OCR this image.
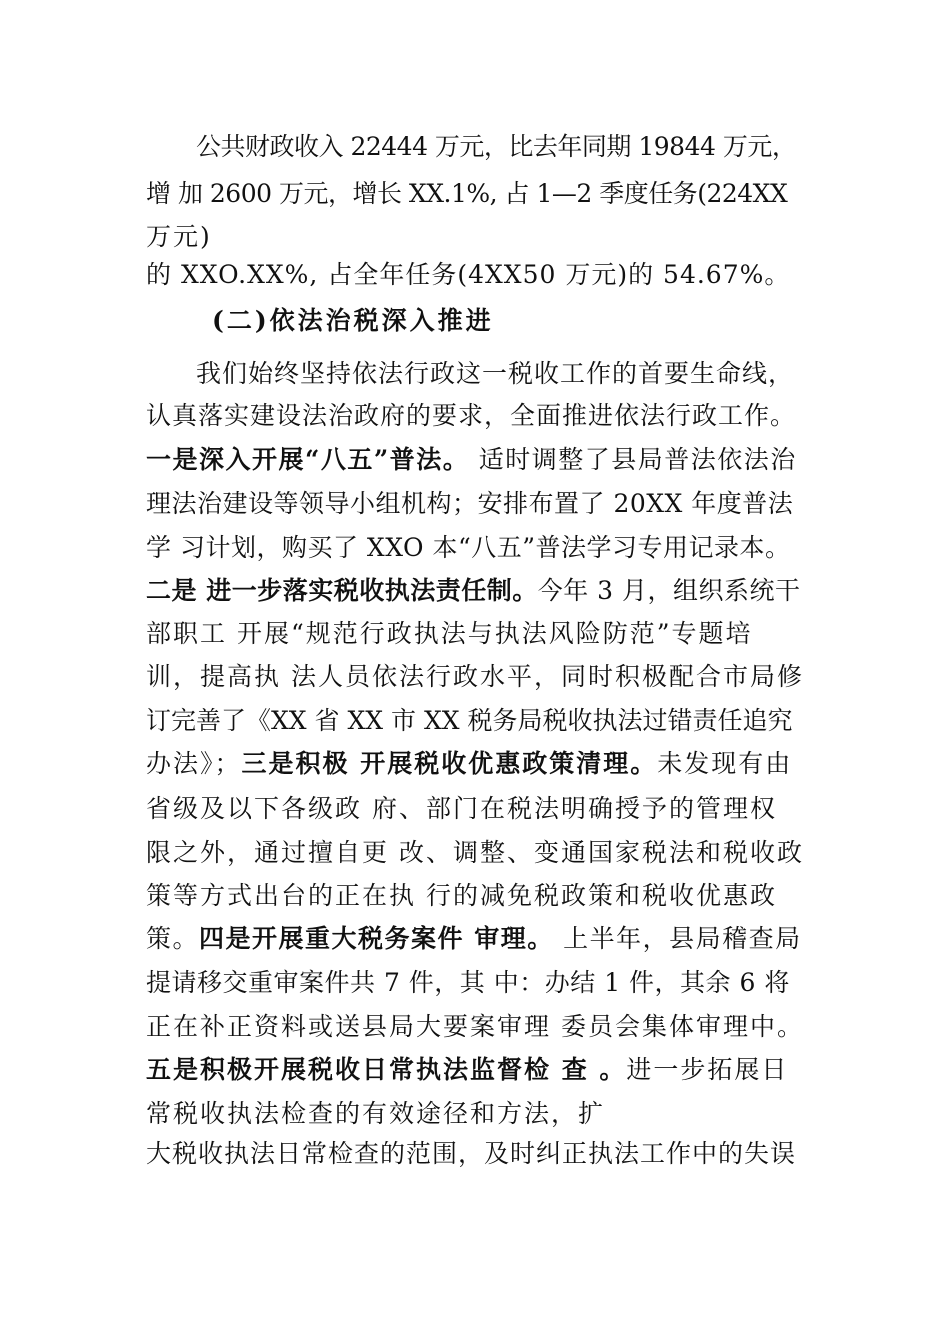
公共财政收入 22444 万元，比去年同期 19844 万元，
增 加 2600 万元，增长 XX.1%, 占 1—2 季度任务(224XX
万元)
的 XXO.XX%, 占全年任务(4XX50 万元)的 54.67%。
(二)依法治税深入推进
我们始终坚持依法行政这一税收工作的首要生命线，
认真落实建设法治政府的要求，全面推进依法行政工作。
一是深入开展“八五”普法。 适时调整了县局普法依法治
理法治建设等领导小组机构；安排布置了 20XX 年度普法
学 习计划，购买了 XXO 本“八五”普法学习专用记录本。
二是 进一步落实税收执法责任制。今年 3 月，组织系统干
部职工 开展“规范行政执法与执法风险防范”专题培
训，提高执 法人员依法行政水平，同时积极配合市局修
订完善了《XX 省 XX 市 XX 税务局税收执法过错责任追究
办法》；三是积极 开展税收优惠政策清理。未发现有由
省级及以下各级政 府、部门在税法明确授予的管理权
限之外，通过擅自更 改、调整、变通国家税法和税收政
策等方式出台的正在执 行的减免税政策和税收优惠政
策。四是开展重大税务案件 审理。 上半年，县局稽查局
提请移交重审案件共 7 件，其 中：办结 1 件，其余 6 将
正在补正资料或送县局大要案审理 委员会集体审理中。
五是积极开展税收日常执法监督检 查 。进一步拓展日
常税收执法检查的有效途径和方法，扩
大税收执法日常检查的范围，及时纠正执法工作中的失误
